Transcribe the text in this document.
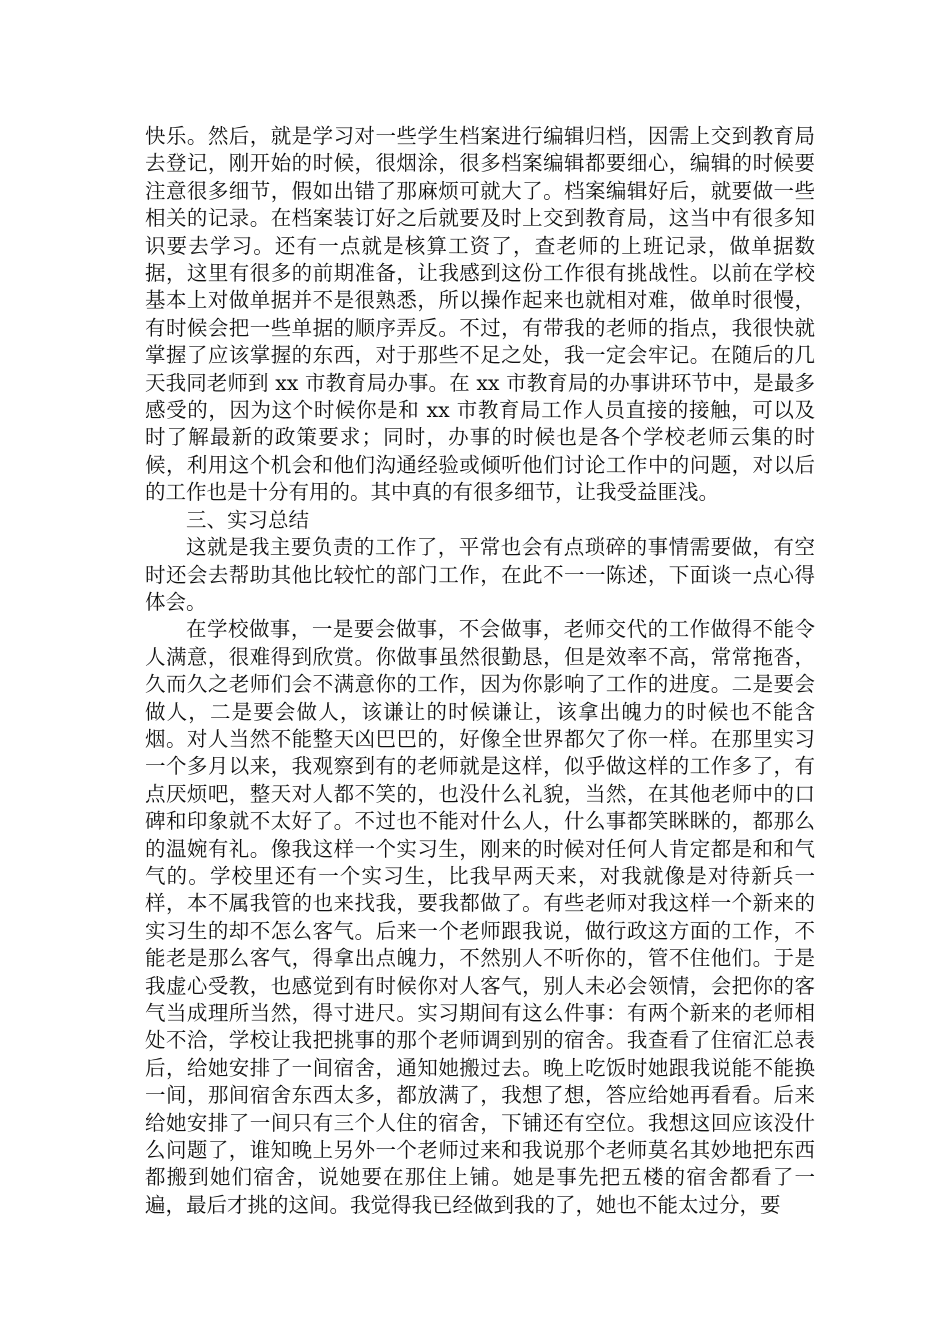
快乐。然后，就是学习对一些学生档案进行编辑归档，因需上交到教育局去登记，刚开始的时候，很烟涂，很多档案编辑都要细心，编辑的时候要注意很多细节，假如出错了那麻烦可就大了。档案编辑好后，就要做一些相关的记录。在档案装订好之后就要及时上交到教育局，这当中有很多知识要去学习。还有一点就是核算工资了，查老师的上班记录，做单据数据，这里有很多的前期准备，让我感到这份工作很有挑战性。以前在学校基本上对做单据并不是很熟悉，所以操作起来也就相对难，做单时很慢，有时候会把一些单据的顺序弄反。不过，有带我的老师的指点，我很快就掌握了应该掌握的东西，对于那些不足之处，我一定会牢记。在随后的几天我同老师到 xx 市教育局办事。在 xx 市教育局的办事讲环节中，是最多感受的，因为这个时候你是和 xx 市教育局工作人员直接的接触，可以及时了解最新的政策要求；同时，办事的时候也是各个学校老师云集的时候，利用这个机会和他们沟通经验或倾听他们讨论工作中的问题，对以后的工作也是十分有用的。其中真的有很多细节，让我受益匪浅。

三、实习总结

这就是我主要负责的工作了，平常也会有点琐碎的事情需要做，有空时还会去帮助其他比较忙的部门工作，在此不一一陈述，下面谈一点心得体会。

在学校做事，一是要会做事，不会做事，老师交代的工作做得不能令人满意，很难得到欣赏。你做事虽然很勤恳，但是效率不高，常常拖沓，久而久之老师们会不满意你的工作，因为你影响了工作的进度。二是要会做人，二是要会做人，该谦让的时候谦让，该拿出魄力的时候也不能含烟。对人当然不能整天凶巴巴的，好像全世界都欠了你一样。在那里实习一个多月以来，我观察到有的老师就是这样，似乎做这样的工作多了，有点厌烦吧，整天对人都不笑的，也没什么礼貌，当然，在其他老师中的口碑和印象就不太好了。不过也不能对什么人，什么事都笑眯眯的，都那么的温婉有礼。像我这样一个实习生，刚来的时候对任何人肯定都是和和气气的。学校里还有一个实习生，比我早两天来，对我就像是对待新兵一样，本不属我管的也来找我，要我都做了。有些老师对我这样一个新来的实习生的却不怎么客气。后来一个老师跟我说，做行政这方面的工作，不能老是那么客气，得拿出点魄力，不然别人不听你的，管不住他们。于是我虚心受教，也感觉到有时候你对人客气，别人未必会领情，会把你的客气当成理所当然，得寸进尺。实习期间有这么件事：有两个新来的老师相处不洽，学校让我把挑事的那个老师调到别的宿舍。我查看了住宿汇总表后，给她安排了一间宿舍，通知她搬过去。晚上吃饭时她跟我说能不能换一间，那间宿舍东西太多，都放满了，我想了想，答应给她再看看。后来给她安排了一间只有三个人住的宿舍，下铺还有空位。我想这回应该没什么问题了，谁知晚上另外一个老师过来和我说那个老师莫名其妙地把东西都搬到她们宿舍，说她要在那住上铺。她是事先把五楼的宿舍都看了一遍，最后才挑的这间。我觉得我已经做到我的了，她也不能太过分，要
